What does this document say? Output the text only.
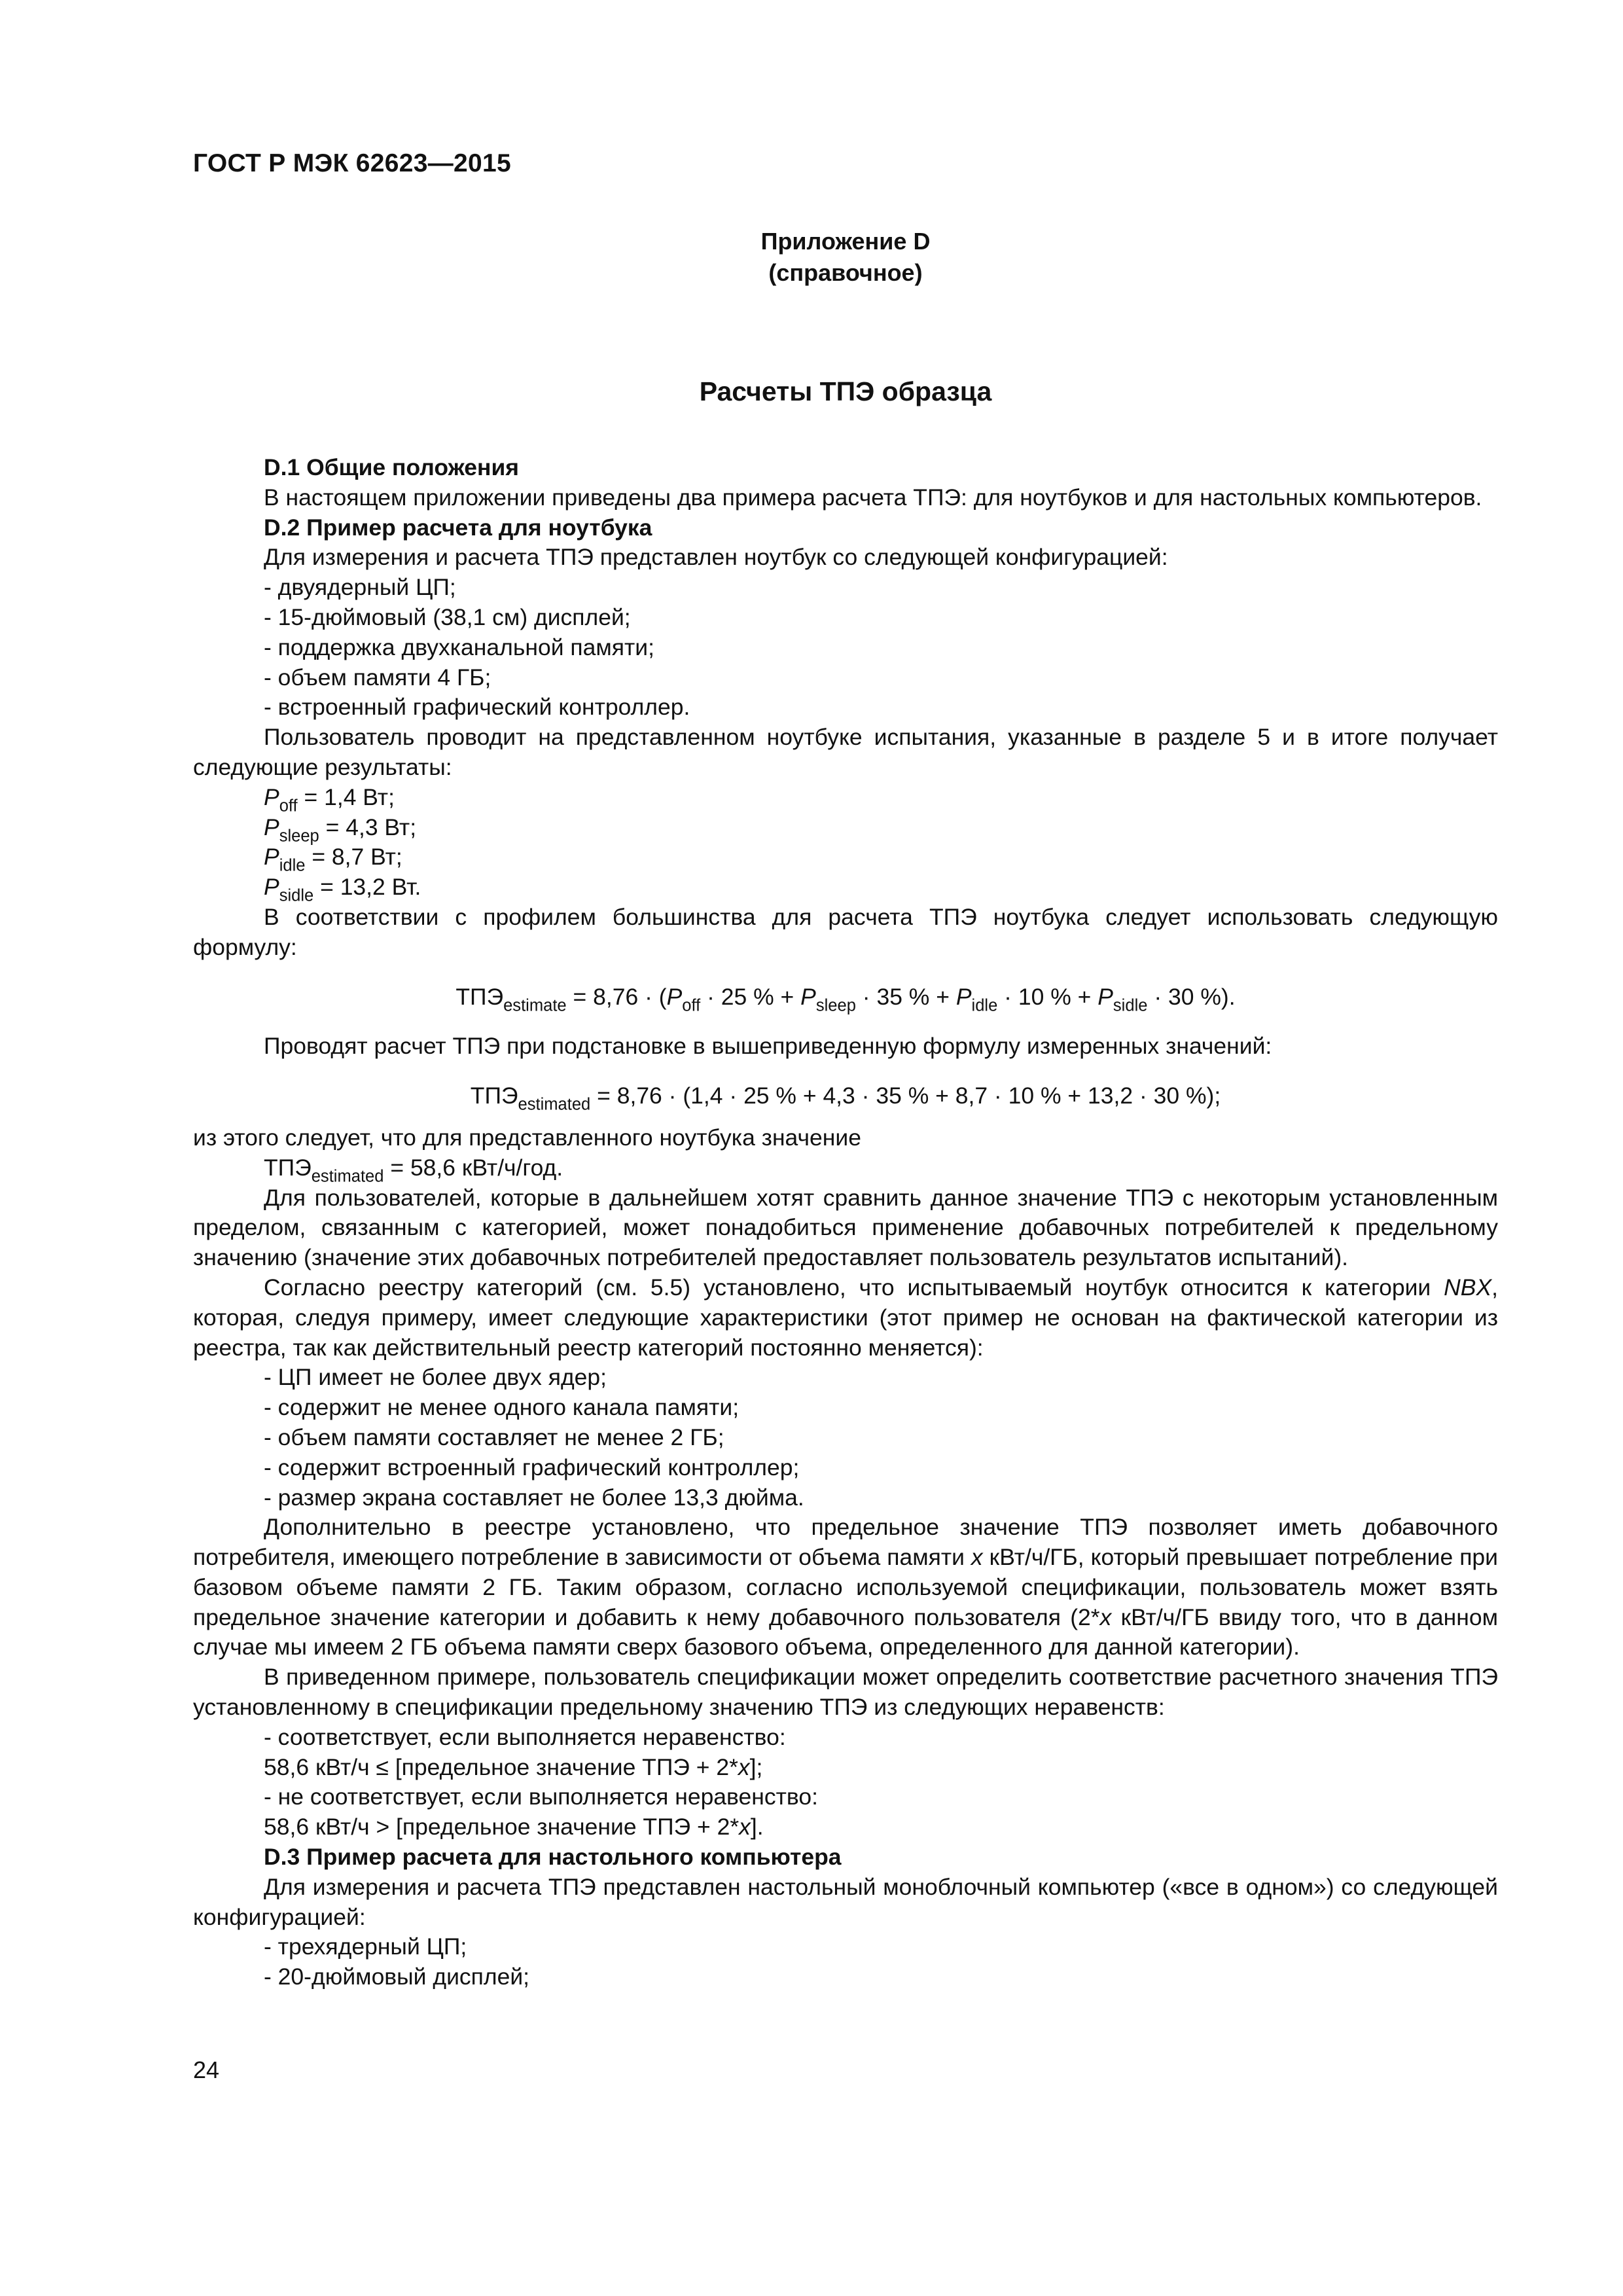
ГОСТ Р МЭК 62623—2015
Приложение D
(справочное)
Расчеты ТПЭ образца

D.1 Общие положения

В настоящем приложении приведены два примера расчета ТПЭ: для ноутбуков и для настольных компьютеров.

D.2 Пример расчета для ноутбука

Для измерения и расчета ТПЭ представлен ноутбук со следующей конфигурацией:

- двуядерный ЦП;

- 15-дюймовый (38,1 см) дисплей;

- поддержка двухканальной памяти;

- объем памяти 4 ГБ;

- встроенный графический контроллер.

Пользователь проводит на представленном ноутбуке испытания, указанные в разделе 5 и в итоге получает следующие результаты:

$P_{off} = 1,4$ Вт;

$P_{sleep} = 4,3$ Вт;

$P_{idle} = 8,7$ Вт;

$P_{sidle} = 13,2$ Вт.

В соответствии с профилем большинства для расчета ТПЭ ноутбука следует использовать следующую формулу:

$ТПЭ_{estimate} = 8,76 \cdot (P_{off} \cdot 25$ % + $P_{sleep} \cdot 35$ % + $P_{idle} \cdot 10$ % + $P_{sidle} \cdot 30$ %).

Проводят расчет ТПЭ при подстановке в вышеприведенную формулу измеренных значений:

$ТПЭ_{estimated} = 8,76 \cdot (1,4 \cdot 25$ % + 4,3 · 35 % + 8,7 · 10 % + 13,2 · 30 %);

из этого следует, что для представленного ноутбука значение

$ТПЭ_{estimated} = 58,6$ кВт/ч/год.

Для пользователей, которые в дальнейшем хотят сравнить данное значение ТПЭ с некоторым установленным пределом, связанным с категорией, может понадобиться применение добавочных потребителей к предельному значению (значение этих добавочных потребителей предоставляет пользователь результатов испытаний).

Согласно реестру категорий (см. 5.5) установлено, что испытываемый ноутбук относится к категории NBX, которая, следуя примеру, имеет следующие характеристики (этот пример не основан на фактической категории из реестра, так как действительный реестр категорий постоянно меняется):

- ЦП имеет не более двух ядер;

- содержит не менее одного канала памяти;

- объем памяти составляет не менее 2 ГБ;

- содержит встроенный графический контроллер;

- размер экрана составляет не более 13,3 дюйма.

Дополнительно в реестре установлено, что предельное значение ТПЭ позволяет иметь добавочного потребителя, имеющего потребление в зависимости от объема памяти x кВт/ч/ГБ, который превышает потребление при базовом объеме памяти 2 ГБ. Таким образом, согласно используемой спецификации, пользователь может взять предельное значение категории и добавить к нему добавочного пользователя (2*x кВт/ч/ГБ ввиду того, что в данном случае мы имеем 2 ГБ объема памяти сверх базового объема, определенного для данной категории).

В приведенном примере, пользователь спецификации может определить соответствие расчетного значения ТПЭ установленному в спецификации предельному значению ТПЭ из следующих неравенств:

- соответствует, если выполняется неравенство:

58,6 кВт/ч ≤ [предельное значение ТПЭ + 2*x];

- не соответствует, если выполняется неравенство:

58,6 кВт/ч > [предельное значение ТПЭ + 2*x].

D.3 Пример расчета для настольного компьютера

Для измерения и расчета ТПЭ представлен настольный моноблочный компьютер («все в одном») со следующей конфигурацией:

- трехядерный ЦП;

- 20-дюймовый дисплей;

24
